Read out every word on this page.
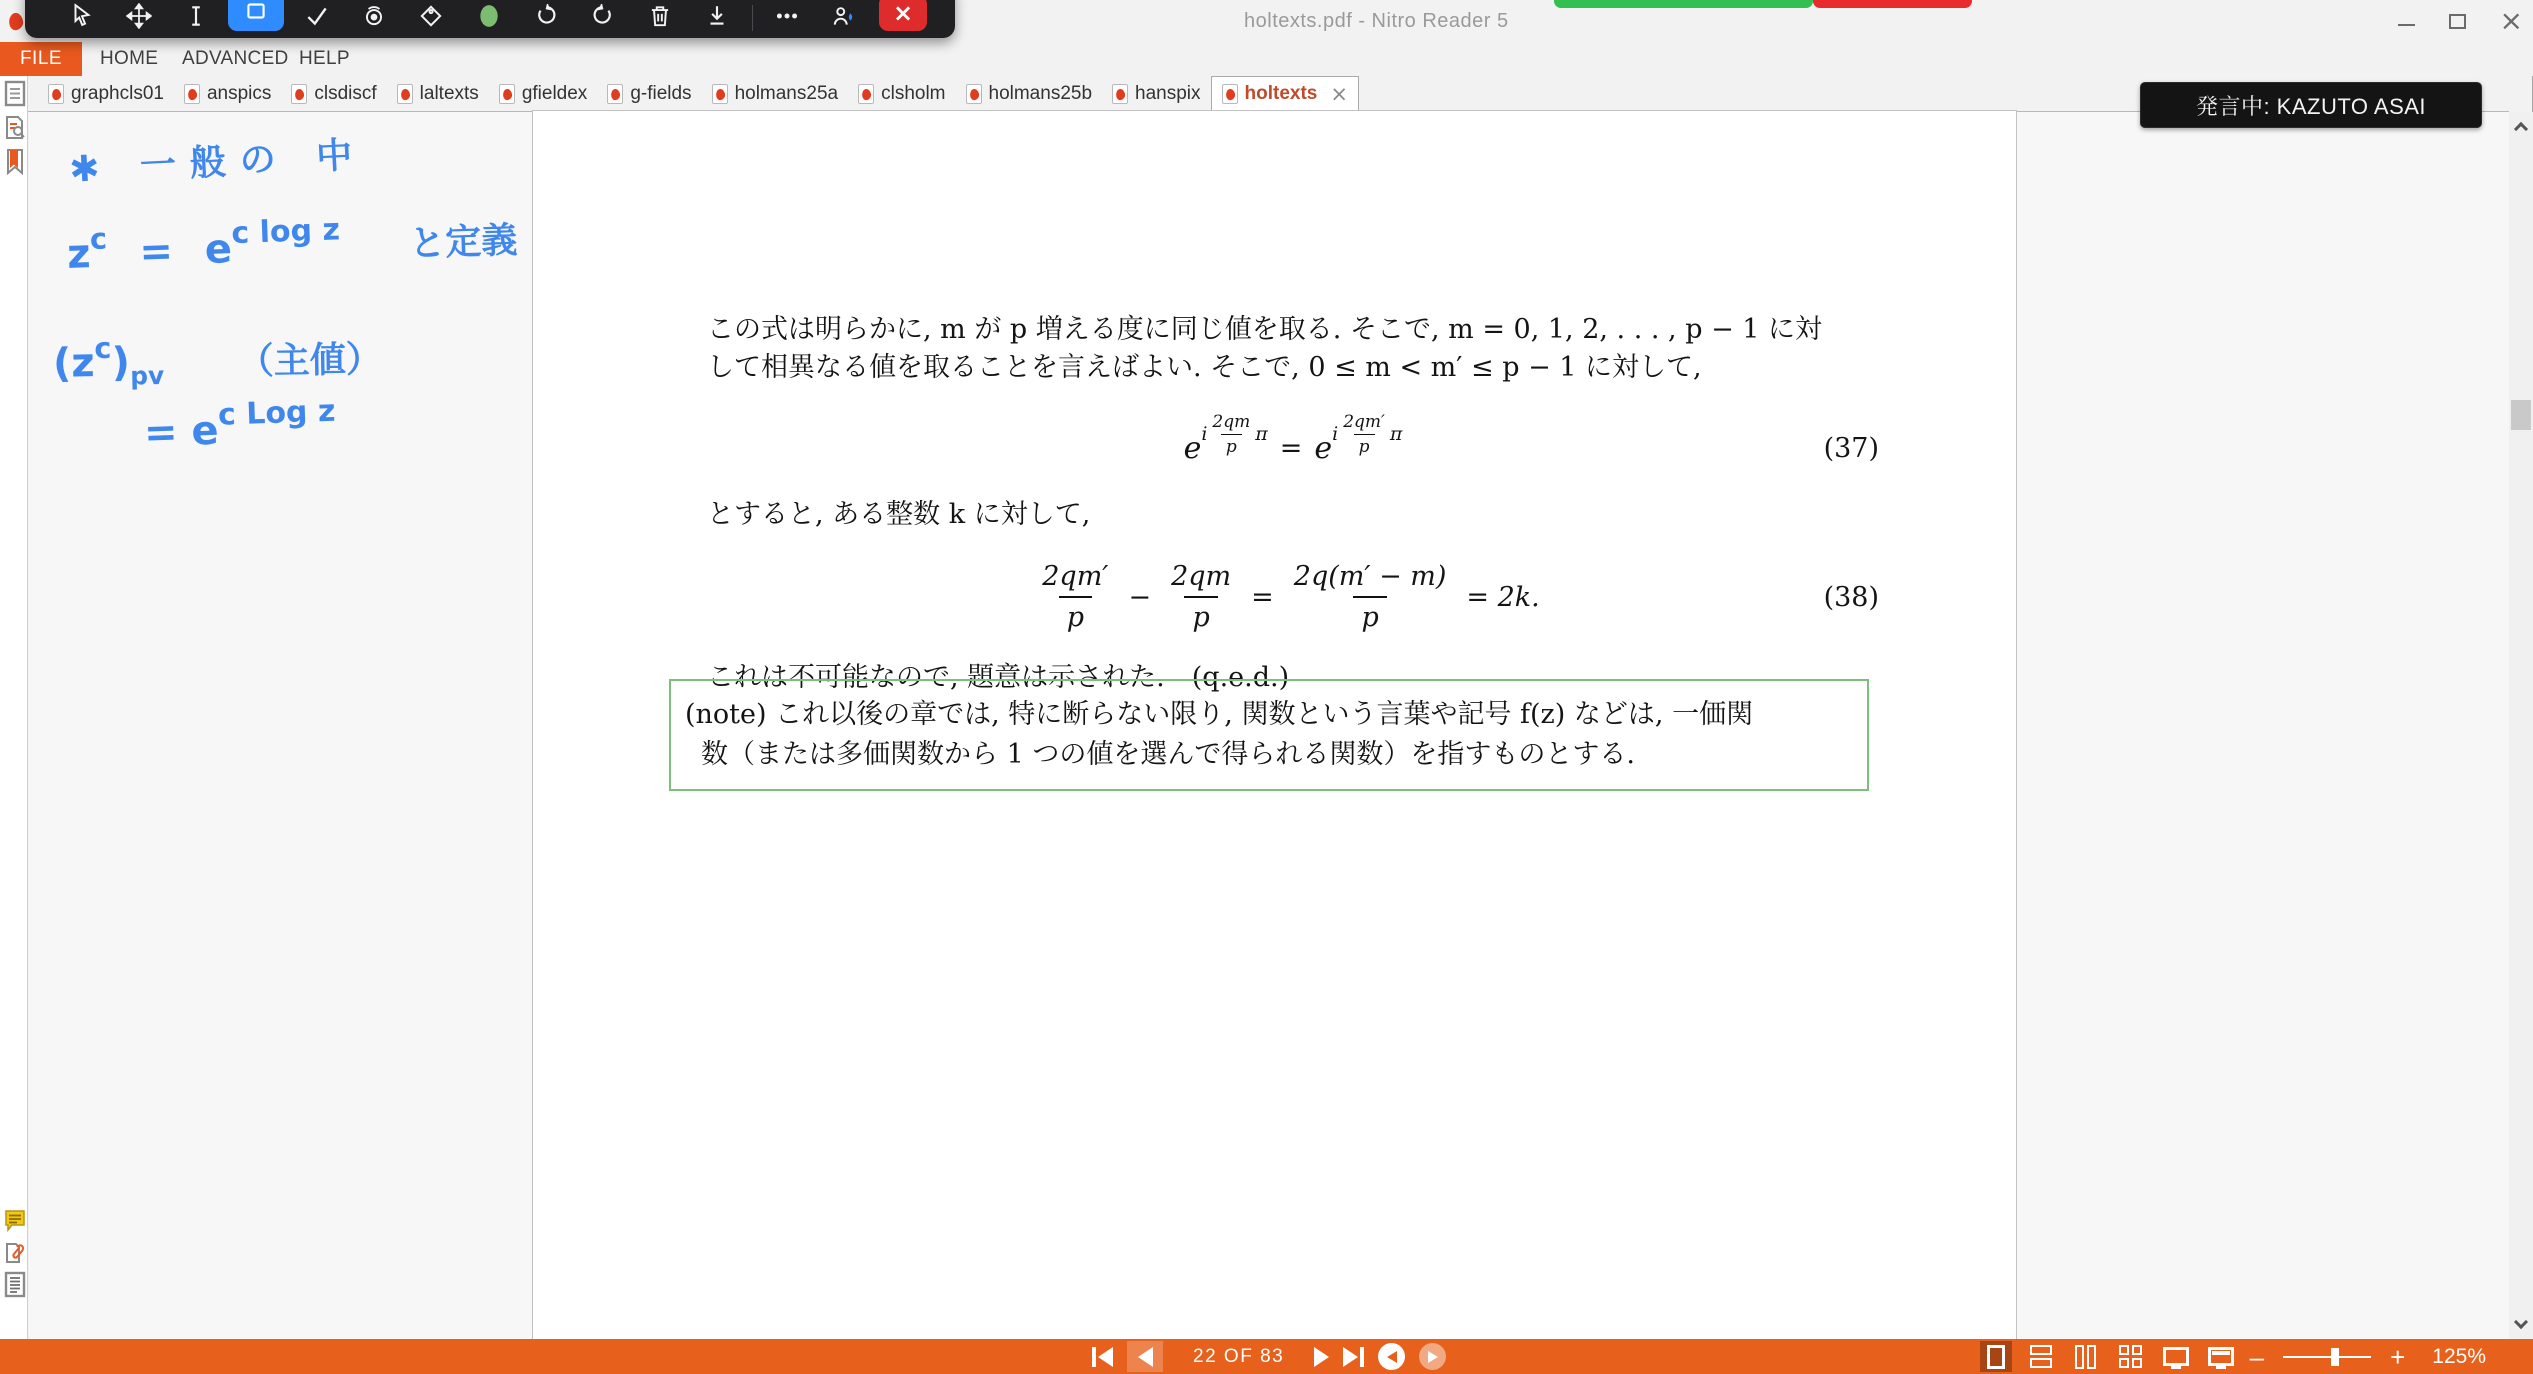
holtexts.pdf - Nitro Reader 5	×
FILE	HOME ADVANCED HELP
graphcls01 anspics clsdiscf laltexts gfieldex g-fields holmans25a clsholm holmans25b hanspix holtexts ×
この式は明らかに, m が p 増える度に同じ値を取る. そこで, m = 0, 1, 2, . . . , p − 1 に対
して相異なる値を取ることを言えばよい. そこで, 0 ≤ m < m′ ≤ p − 1 に対して,
e i $\frac{2qm}{p}$ π = e i $\frac{2qm'}{p}$ π	(37)
とすると, ある整数 k に対して,
$\frac{2qm'}{p} - \frac{2qm}{p} = \frac{2q(m' - m)}{p} = 2k$.	(38)
これは不可能なので, 題意は示された.　(q.e.d.)
(note) これ以後の章では, 特に断らない限り, 関数という言葉や記号 f(z) などは, 一価関
数（または多価関数から 1 つの値を選んで得られる関数）を指すものとする.
✱ 一般の 中
$z^c = e^{c log z}$ と定義
$(z^c)_{pv}$ （主値）
= $e^{c Log z}$
発言中: KAZUTO ASAI
×
22 OF 83	–	+ 125%
